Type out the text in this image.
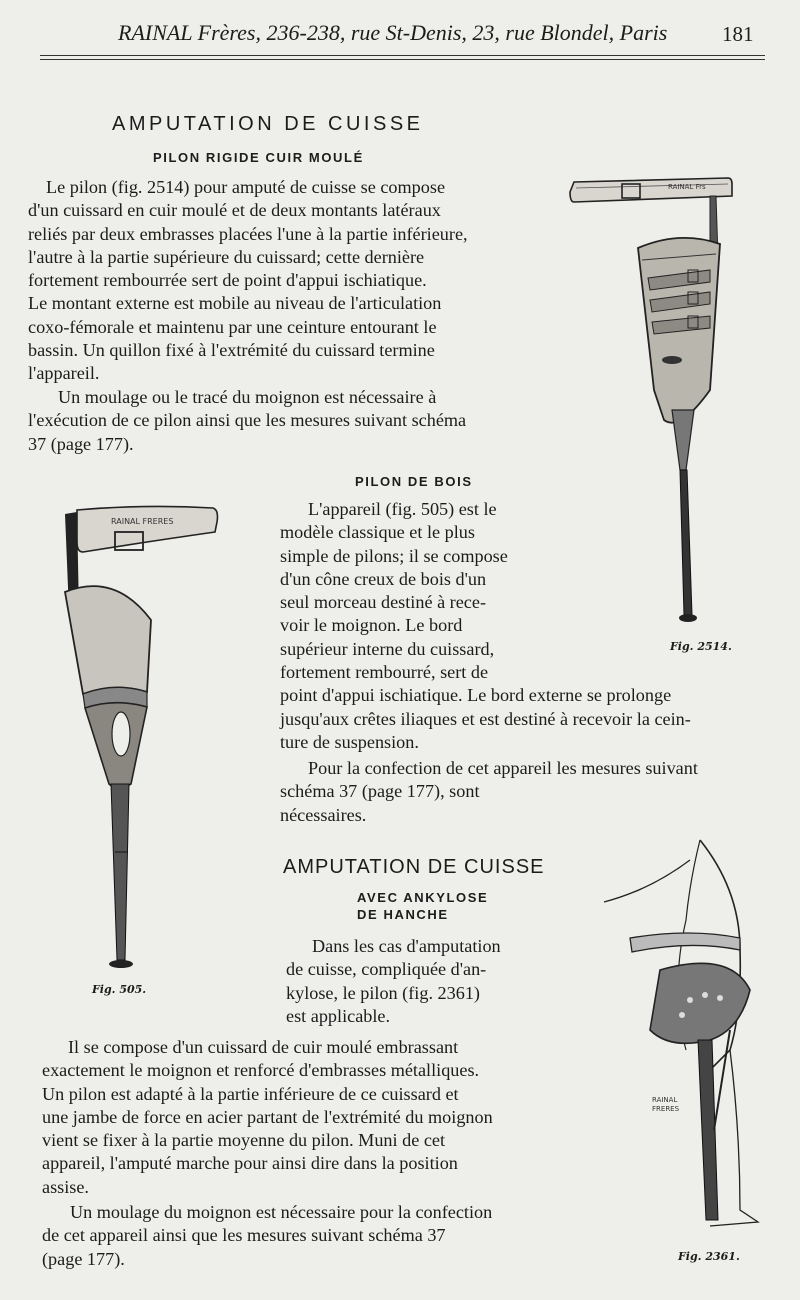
RAINAL Frères, 236-238, rue St-Denis, 23, rue Blondel, Paris	181
AMPUTATION DE CUISSE
PILON RIGIDE CUIR MOULÉ
Le pilon (fig. 2514) pour amputé de cuisse se compose
d'un cuissard en cuir moulé et de deux montants latéraux
reliés par deux embrasses placées l'une à la partie inférieure,
l'autre à la partie supérieure du cuissard; cette dernière
fortement rembourrée sert de point d'appui ischiatique.
Le montant externe est mobile au niveau de l'articulation
coxo-fémorale et maintenu par une ceinture entourant le
bassin. Un quillon fixé à l'extrémité du cuissard termine
l'appareil.
Un moulage ou le tracé du moignon est nécessaire à
l'exécution de ce pilon ainsi que les mesures suivant schéma
37 (page 177).
PILON DE BOIS
L'appareil (fig. 505) est le
modèle classique et le plus
simple de pilons; il se compose
d'un cône creux de bois d'un
seul morceau destiné à rece-
voir le moignon. Le bord
supérieur interne du cuissard,
fortement rembourré, sert de
point d'appui ischiatique. Le bord externe se prolonge
jusqu'aux crêtes iliaques et est destiné à recevoir la cein-
ture de suspension.
Pour la confection de cet appareil les mesures suivant
schéma 37 (page 177), sont
nécessaires.
AMPUTATION DE CUISSE
AVEC ANKYLOSE
DE HANCHE
Dans les cas d'amputation
de cuisse, compliquée d'an-
kylose, le pilon (fig. 2361)
est applicable.
Il se compose d'un cuissard de cuir moulé embrassant
exactement le moignon et renforcé d'embrasses métalliques.
Un pilon est adapté à la partie inférieure de ce cuissard et
une jambe de force en acier partant de l'extrémité du moignon
vient se fixer à la partie moyenne du pilon. Muni de cet
appareil, l'amputé marche pour ainsi dire dans la position
assise.
Un moulage du moignon est nécessaire pour la confection
de cet appareil ainsi que les mesures suivant schéma 37
(page 177).
RAINAL Frs
Fig. 2514.
RAINAL FRERES
Fig. 505.
RAINAL
FRERES
Fig. 2361.
